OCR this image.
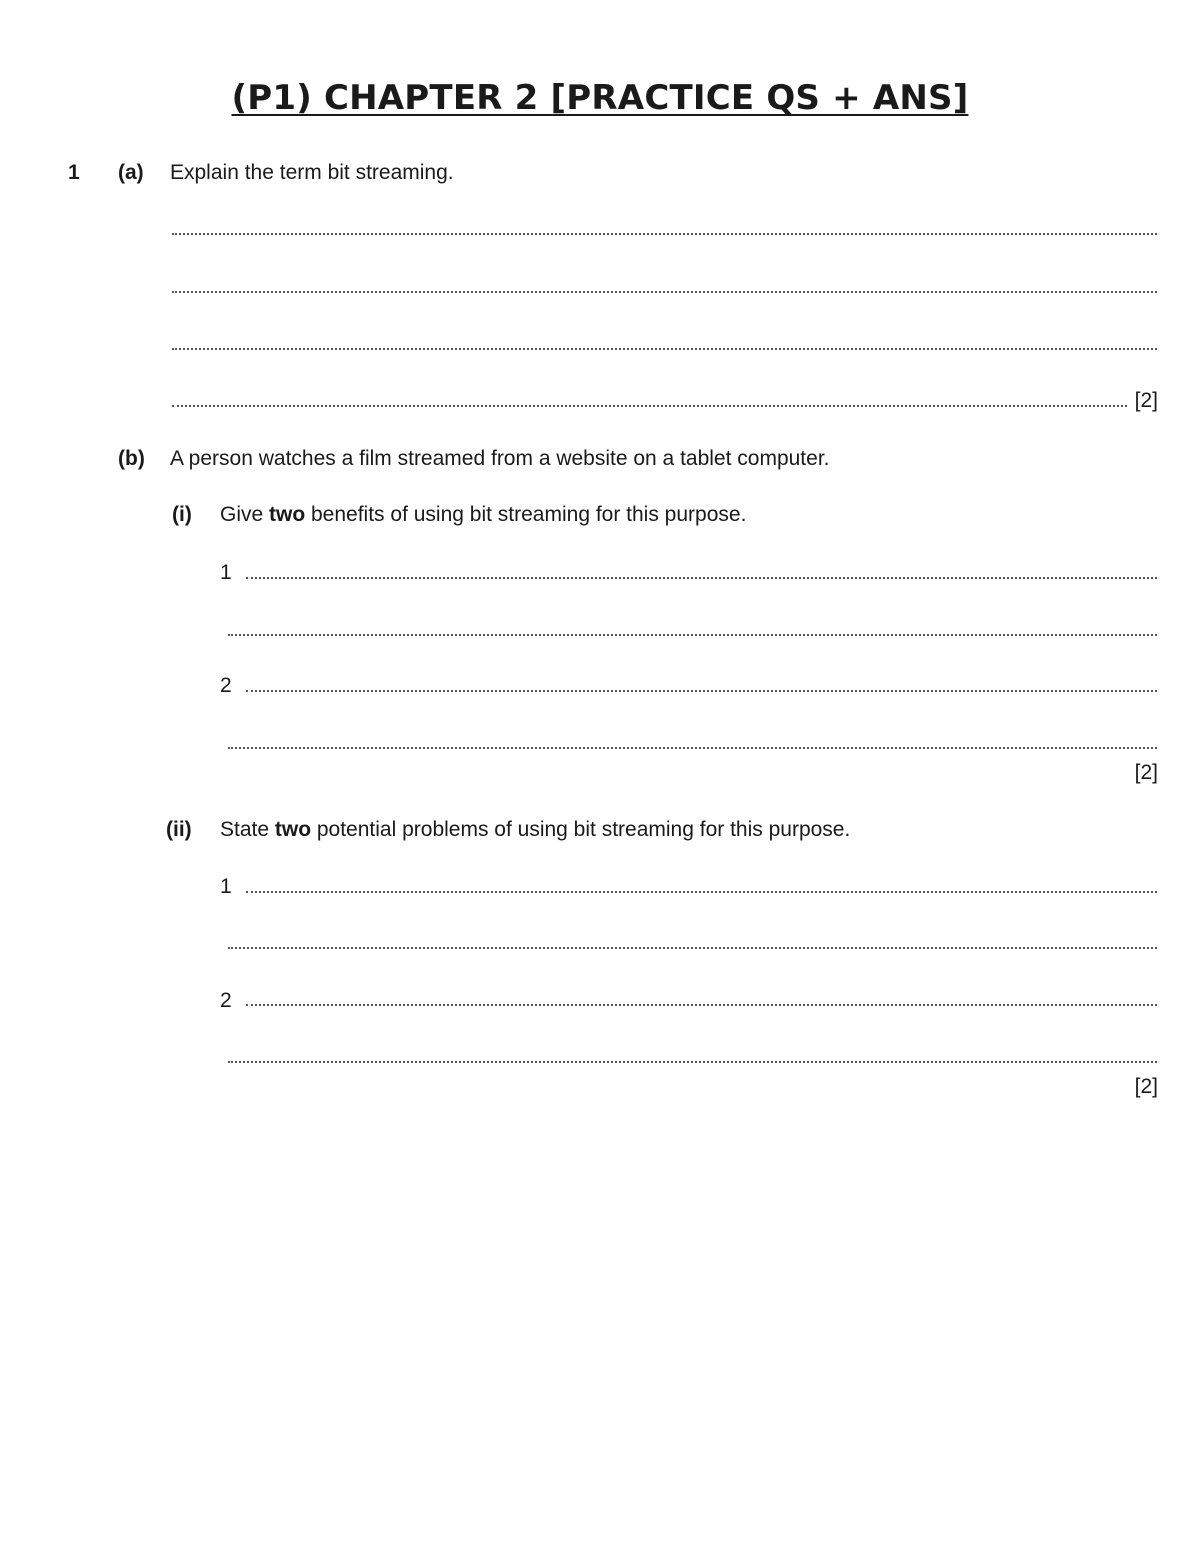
(P1) CHAPTER 2 [PRACTICE QS + ANS]
1 (a) Explain the term bit streaming.
[2]
(b) A person watches a film streamed from a website on a tablet computer.
(i) Give two benefits of using bit streaming for this purpose.
1
2
[2]
(ii) State two potential problems of using bit streaming for this purpose.
1
2
[2]
